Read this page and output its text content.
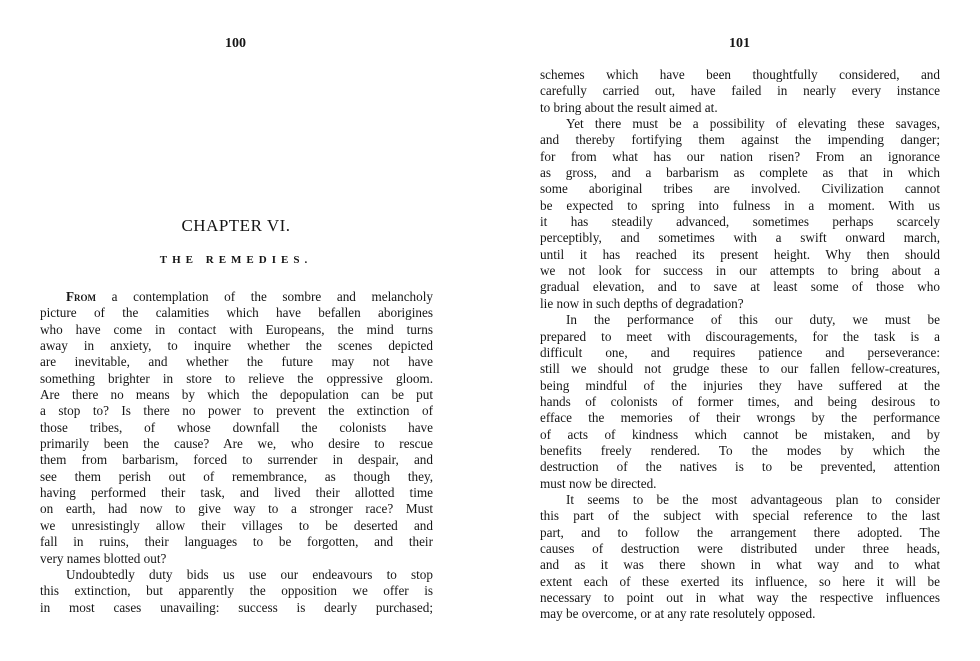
100
CHAPTER VI.
THE REMEDIES.
From a contemplation of the sombre and melancholy
picture of the calamities which have befallen aborigines
who have come in contact with Europeans, the mind turns
away in anxiety, to inquire whether the scenes depicted
are inevitable, and whether the future may not have
something brighter in store to relieve the oppressive gloom.
Are there no means by which the depopulation can be put
a stop to? Is there no power to prevent the extinction of
those tribes, of whose downfall the colonists have
primarily been the cause? Are we, who desire to rescue
them from barbarism, forced to surrender in despair, and
see them perish out of remembrance, as though they,
having performed their task, and lived their allotted time
on earth, had now to give way to a stronger race? Must
we unresistingly allow their villages to be deserted and
fall in ruins, their languages to be forgotten, and their
very names blotted out?
Undoubtedly duty bids us use our endeavours to stop
this extinction, but apparently the opposition we offer is
in most cases unavailing: success is dearly purchased;
101
schemes which have been thoughtfully considered, and
carefully carried out, have failed in nearly every instance
to bring about the result aimed at.
Yet there must be a possibility of elevating these savages,
and thereby fortifying them against the impending danger;
for from what has our nation risen? From an ignorance
as gross, and a barbarism as complete as that in which
some aboriginal tribes are involved. Civilization cannot
be expected to spring into fulness in a moment. With us
it has steadily advanced, sometimes perhaps scarcely
perceptibly, and sometimes with a swift onward march,
until it has reached its present height. Why then should
we not look for success in our attempts to bring about a
gradual elevation, and to save at least some of those who
lie now in such depths of degradation?
In the performance of this our duty, we must be
prepared to meet with discouragements, for the task is a
difficult one, and requires patience and perseverance:
still we should not grudge these to our fallen fellow-creatures,
being mindful of the injuries they have suffered at the
hands of colonists of former times, and being desirous to
efface the memories of their wrongs by the performance
of acts of kindness which cannot be mistaken, and by
benefits freely rendered. To the modes by which the
destruction of the natives is to be prevented, attention
must now be directed.
It seems to be the most advantageous plan to consider
this part of the subject with special reference to the last
part, and to follow the arrangement there adopted. The
causes of destruction were distributed under three heads,
and as it was there shown in what way and to what
extent each of these exerted its influence, so here it will be
necessary to point out in what way the respective influences
may be overcome, or at any rate resolutely opposed.
